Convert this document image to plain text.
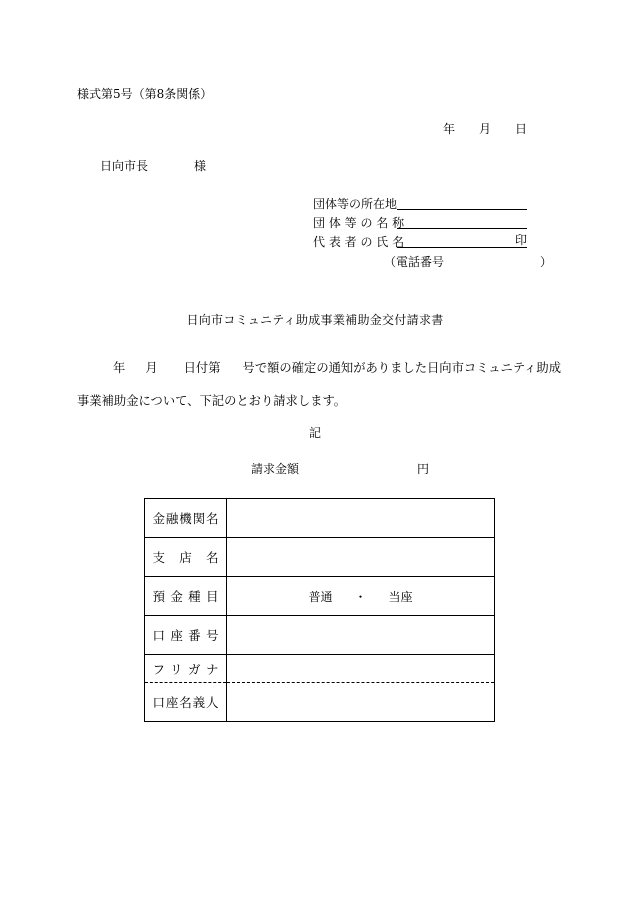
様式第5号（第8条関係）
年 月 日
日向市長	様
団体等の所在地
団 体 等 の 名 称
代 表 者 の 氏 名	印
（電話番号	）
日向市コミュニティ助成事業補助金交付請求書
年 月 日付第 号で額の確定の通知がありました日向市コミュニティ助成事業補助金について、下記のとおり請求します。
記
請求金額	円
金融機関名	
支店名	
預金種目	普通 ・ 当座
口座番号	
フリガナ	
口座名義人	
